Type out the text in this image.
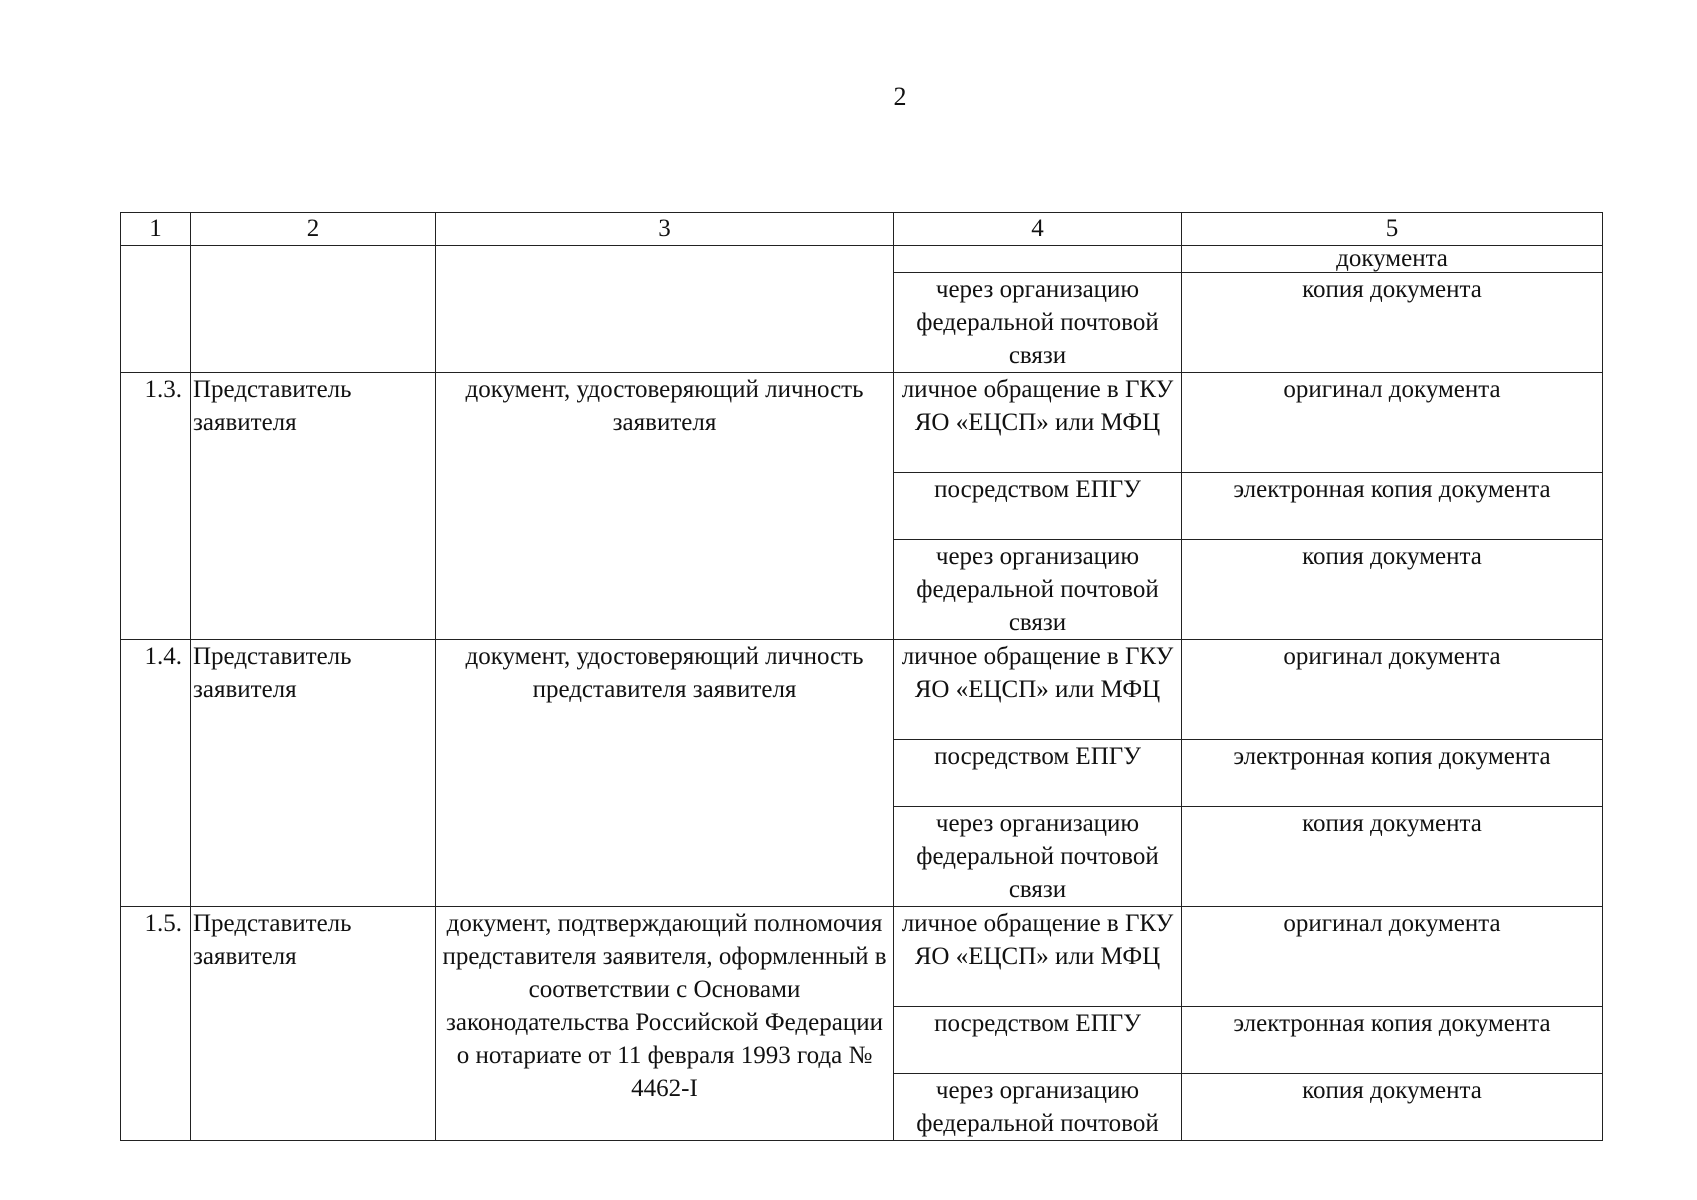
2
1	2	3	4	5
				документа
			через организацию федеральной почтовой связи	копия документа
1.3.	Представитель заявителя	документ, удостоверяющий личность заявителя	личное обращение в ГКУ ЯО «ЕЦСП» или МФЦ	оригинал документа
			посредством ЕПГУ	электронная копия документа
			через организацию федеральной почтовой связи	копия документа
1.4.	Представитель заявителя	документ, удостоверяющий личность представителя заявителя	личное обращение в ГКУ ЯО «ЕЦСП» или МФЦ	оригинал документа
			посредством ЕПГУ	электронная копия документа
			через организацию федеральной почтовой связи	копия документа
1.5.	Представитель заявителя	документ, подтверждающий полномочия представителя заявителя, оформленный в соответствии с Основами законодательства Российской Федерации о нотариате от 11 февраля 1993 года № 4462-I	личное обращение в ГКУ ЯО «ЕЦСП» или МФЦ	оригинал документа
			посредством ЕПГУ	электронная копия документа
			через организацию федеральной почтовой	копия документа
